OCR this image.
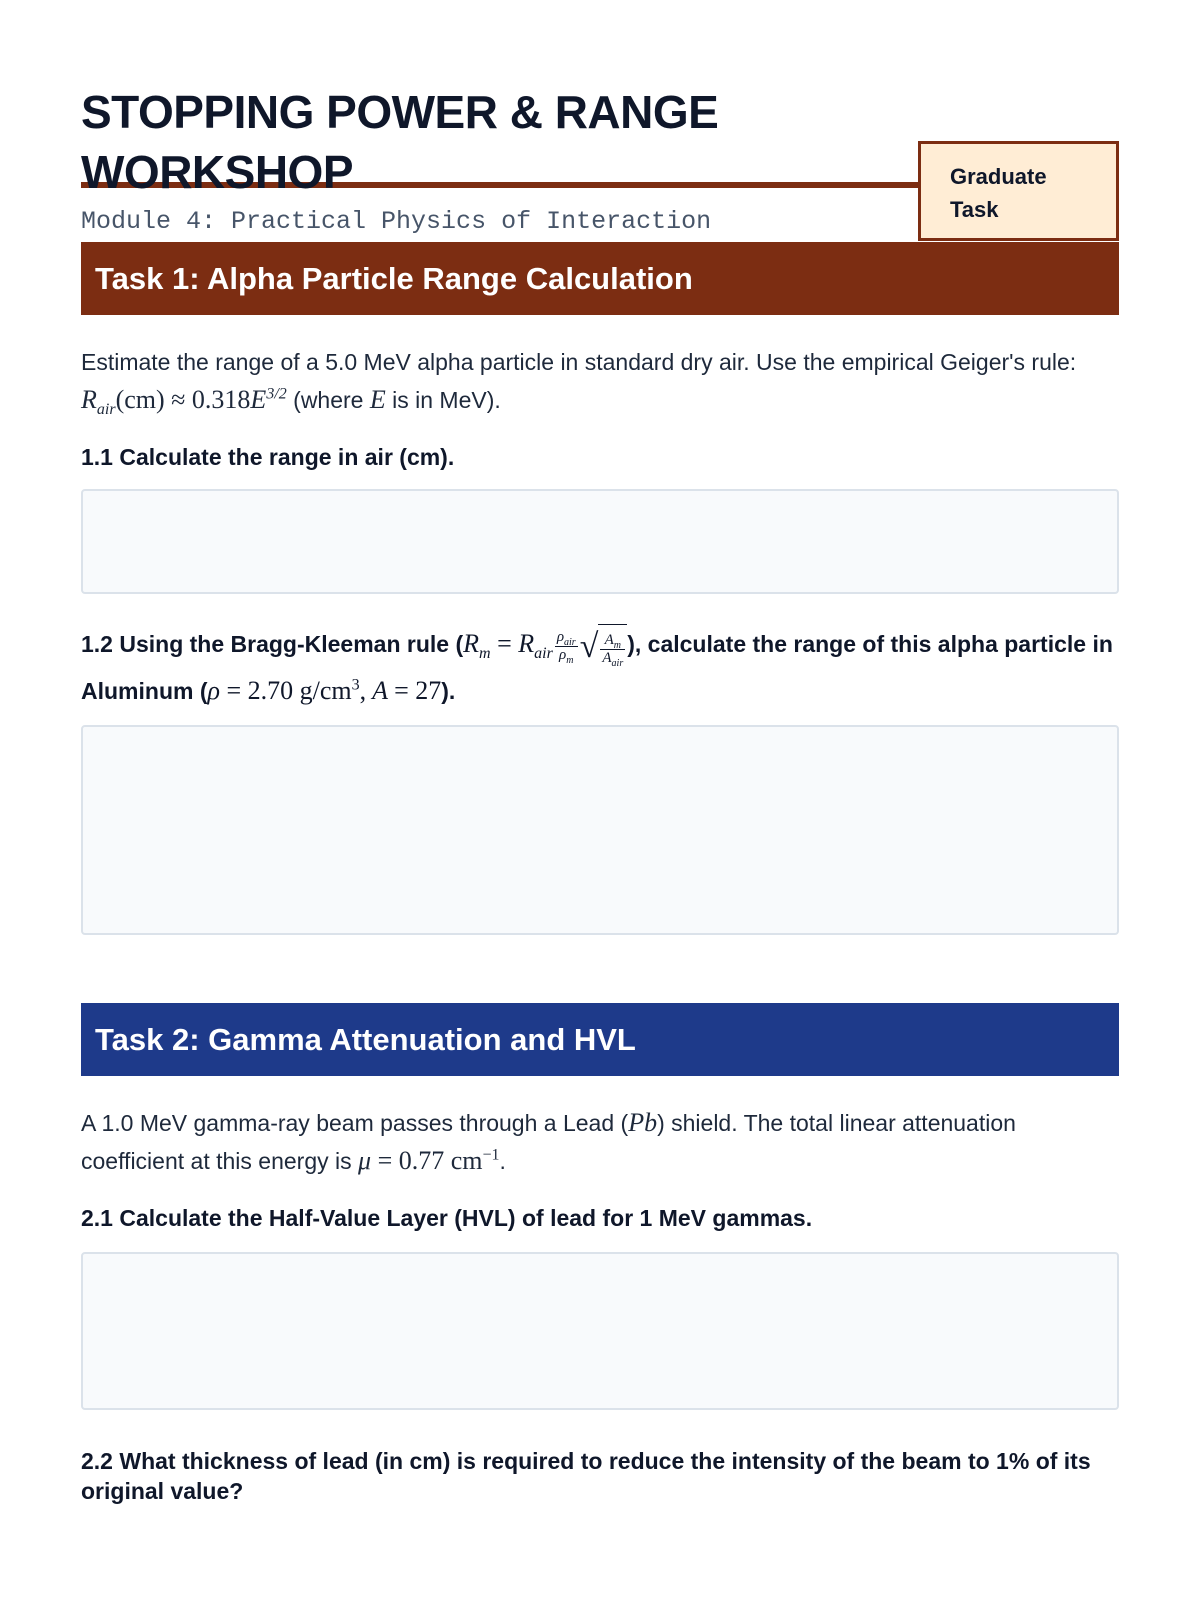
STOPPING POWER & RANGE WORKSHOP
Module 4: Practical Physics of Interaction
Graduate Task
Task 1: Alpha Particle Range Calculation
Estimate the range of a 5.0 MeV alpha particle in standard dry air. Use the empirical Geiger's rule:
$R_{air}(cm) \approx 0.318E^{3/2}$ (where E is in MeV).
1.1 Calculate the range in air (cm).
1.2 Using the Bragg-Kleeman rule ($R_m = R_{air} \frac{\rho_{air}}{\rho_m}$ √ $\frac{A_m}{A_{air}}$ ), calculate the range of this alpha particle in Aluminum (ρ = 2.70 $g/cm^3$, A = 27).
Task 2: Gamma Attenuation and HVL
A 1.0 MeV gamma-ray beam passes through a Lead (Pb) shield. The total linear attenuation coefficient at this energy is μ = 0.77 $cm^{-1}$.
2.1 Calculate the Half-Value Layer (HVL) of lead for 1 MeV gammas.
2.2 What thickness of lead (in cm) is required to reduce the intensity of the beam to 1% of its original value?
